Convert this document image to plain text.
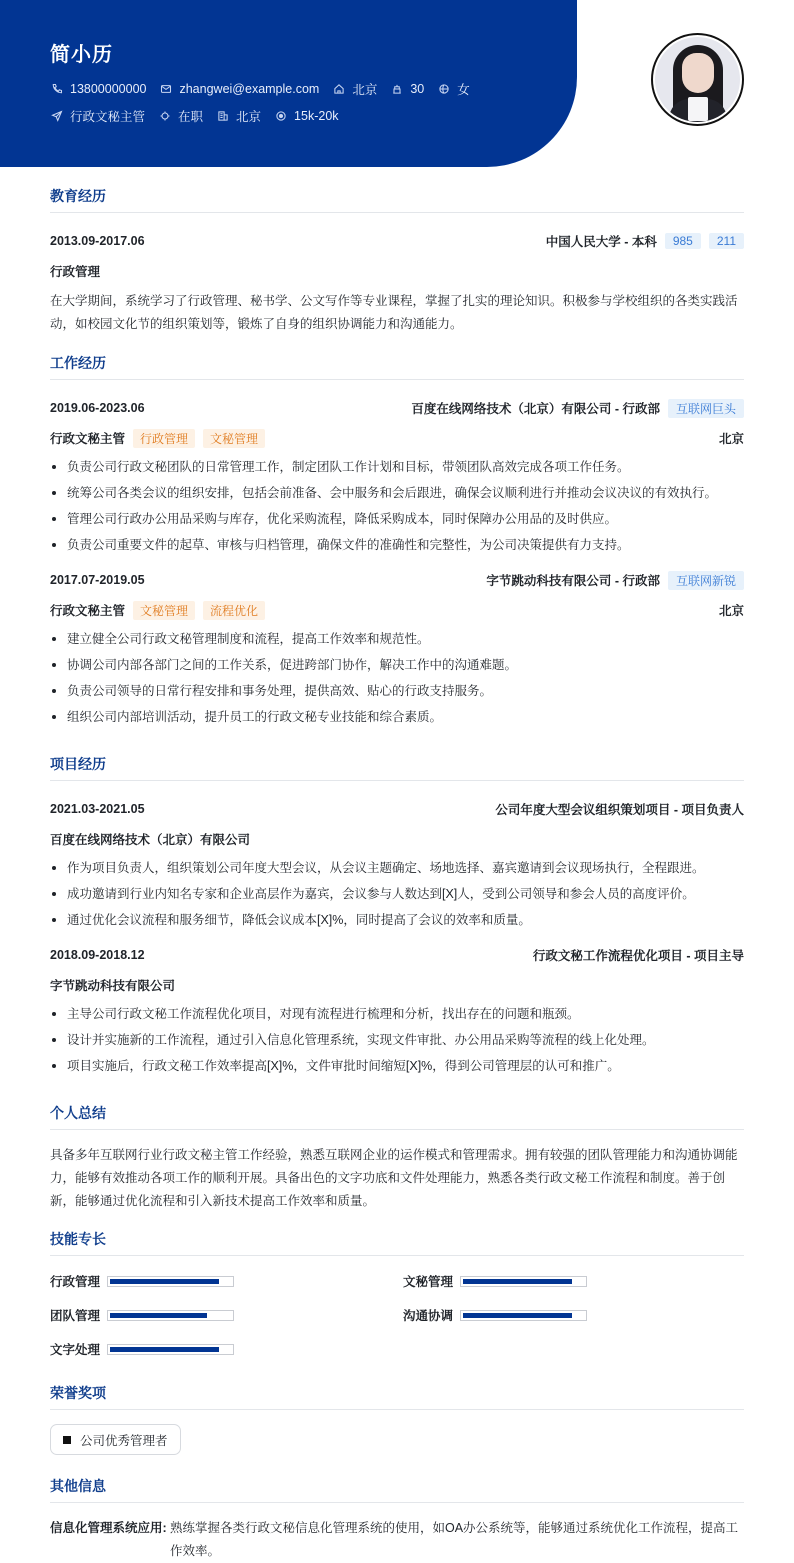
简小历
13800000000	zhangwei@example.com	北京	30	女
行政文秘主管	在职	北京	15k-20k
教育经历
2013.09-2017.06	中国人民大学 - 本科	985	211
行政管理
在大学期间，系统学习了行政管理、秘书学、公文写作等专业课程，掌握了扎实的理论知识。积极参与学校组织的各类实践活动，如校园文化节的组织策划等，锻炼了自身的组织协调能力和沟通能力。
工作经历
2019.06-2023.06	百度在线网络技术（北京）有限公司 - 行政部	互联网巨头
行政文秘主管	行政管理	文秘管理	北京
负责公司行政文秘团队的日常管理工作，制定团队工作计划和目标，带领团队高效完成各项工作任务。
统筹公司各类会议的组织安排，包括会前准备、会中服务和会后跟进，确保会议顺利进行并推动会议决议的有效执行。
管理公司行政办公用品采购与库存，优化采购流程，降低采购成本，同时保障办公用品的及时供应。
负责公司重要文件的起草、审核与归档管理，确保文件的准确性和完整性，为公司决策提供有力支持。
2017.07-2019.05	字节跳动科技有限公司 - 行政部	互联网新锐
行政文秘主管	文秘管理	流程优化	北京
建立健全公司行政文秘管理制度和流程，提高工作效率和规范性。
协调公司内部各部门之间的工作关系，促进跨部门协作，解决工作中的沟通难题。
负责公司领导的日常行程安排和事务处理，提供高效、贴心的行政支持服务。
组织公司内部培训活动，提升员工的行政文秘专业技能和综合素质。
项目经历
2021.03-2021.05	公司年度大型会议组织策划项目 - 项目负责人
百度在线网络技术（北京）有限公司
作为项目负责人，组织策划公司年度大型会议，从会议主题确定、场地选择、嘉宾邀请到会议现场执行，全程跟进。
成功邀请到行业内知名专家和企业高层作为嘉宾，会议参与人数达到[X]人，受到公司领导和参会人员的高度评价。
通过优化会议流程和服务细节，降低会议成本[X]%，同时提高了会议的效率和质量。
2018.09-2018.12	行政文秘工作流程优化项目 - 项目主导
字节跳动科技有限公司
主导公司行政文秘工作流程优化项目，对现有流程进行梳理和分析，找出存在的问题和瓶颈。
设计并实施新的工作流程，通过引入信息化管理系统，实现文件审批、办公用品采购等流程的线上化处理。
项目实施后，行政文秘工作效率提高[X]%，文件审批时间缩短[X]%，得到公司管理层的认可和推广。
个人总结
具备多年互联网行业行政文秘主管工作经验，熟悉互联网企业的运作模式和管理需求。拥有较强的团队管理能力和沟通协调能力，能够有效推动各项工作的顺利开展。具备出色的文字功底和文件处理能力，熟悉各类行政文秘工作流程和制度。善于创新，能够通过优化流程和引入新技术提高工作效率和质量。
技能专长
行政管理	文秘管理
团队管理	沟通协调
文字处理
荣誉奖项
公司优秀管理者
其他信息
信息化管理系统应用: 熟练掌握各类行政文秘信息化管理系统的使用，如OA办公系统等，能够通过系统优化工作流程，提高工作效率。
